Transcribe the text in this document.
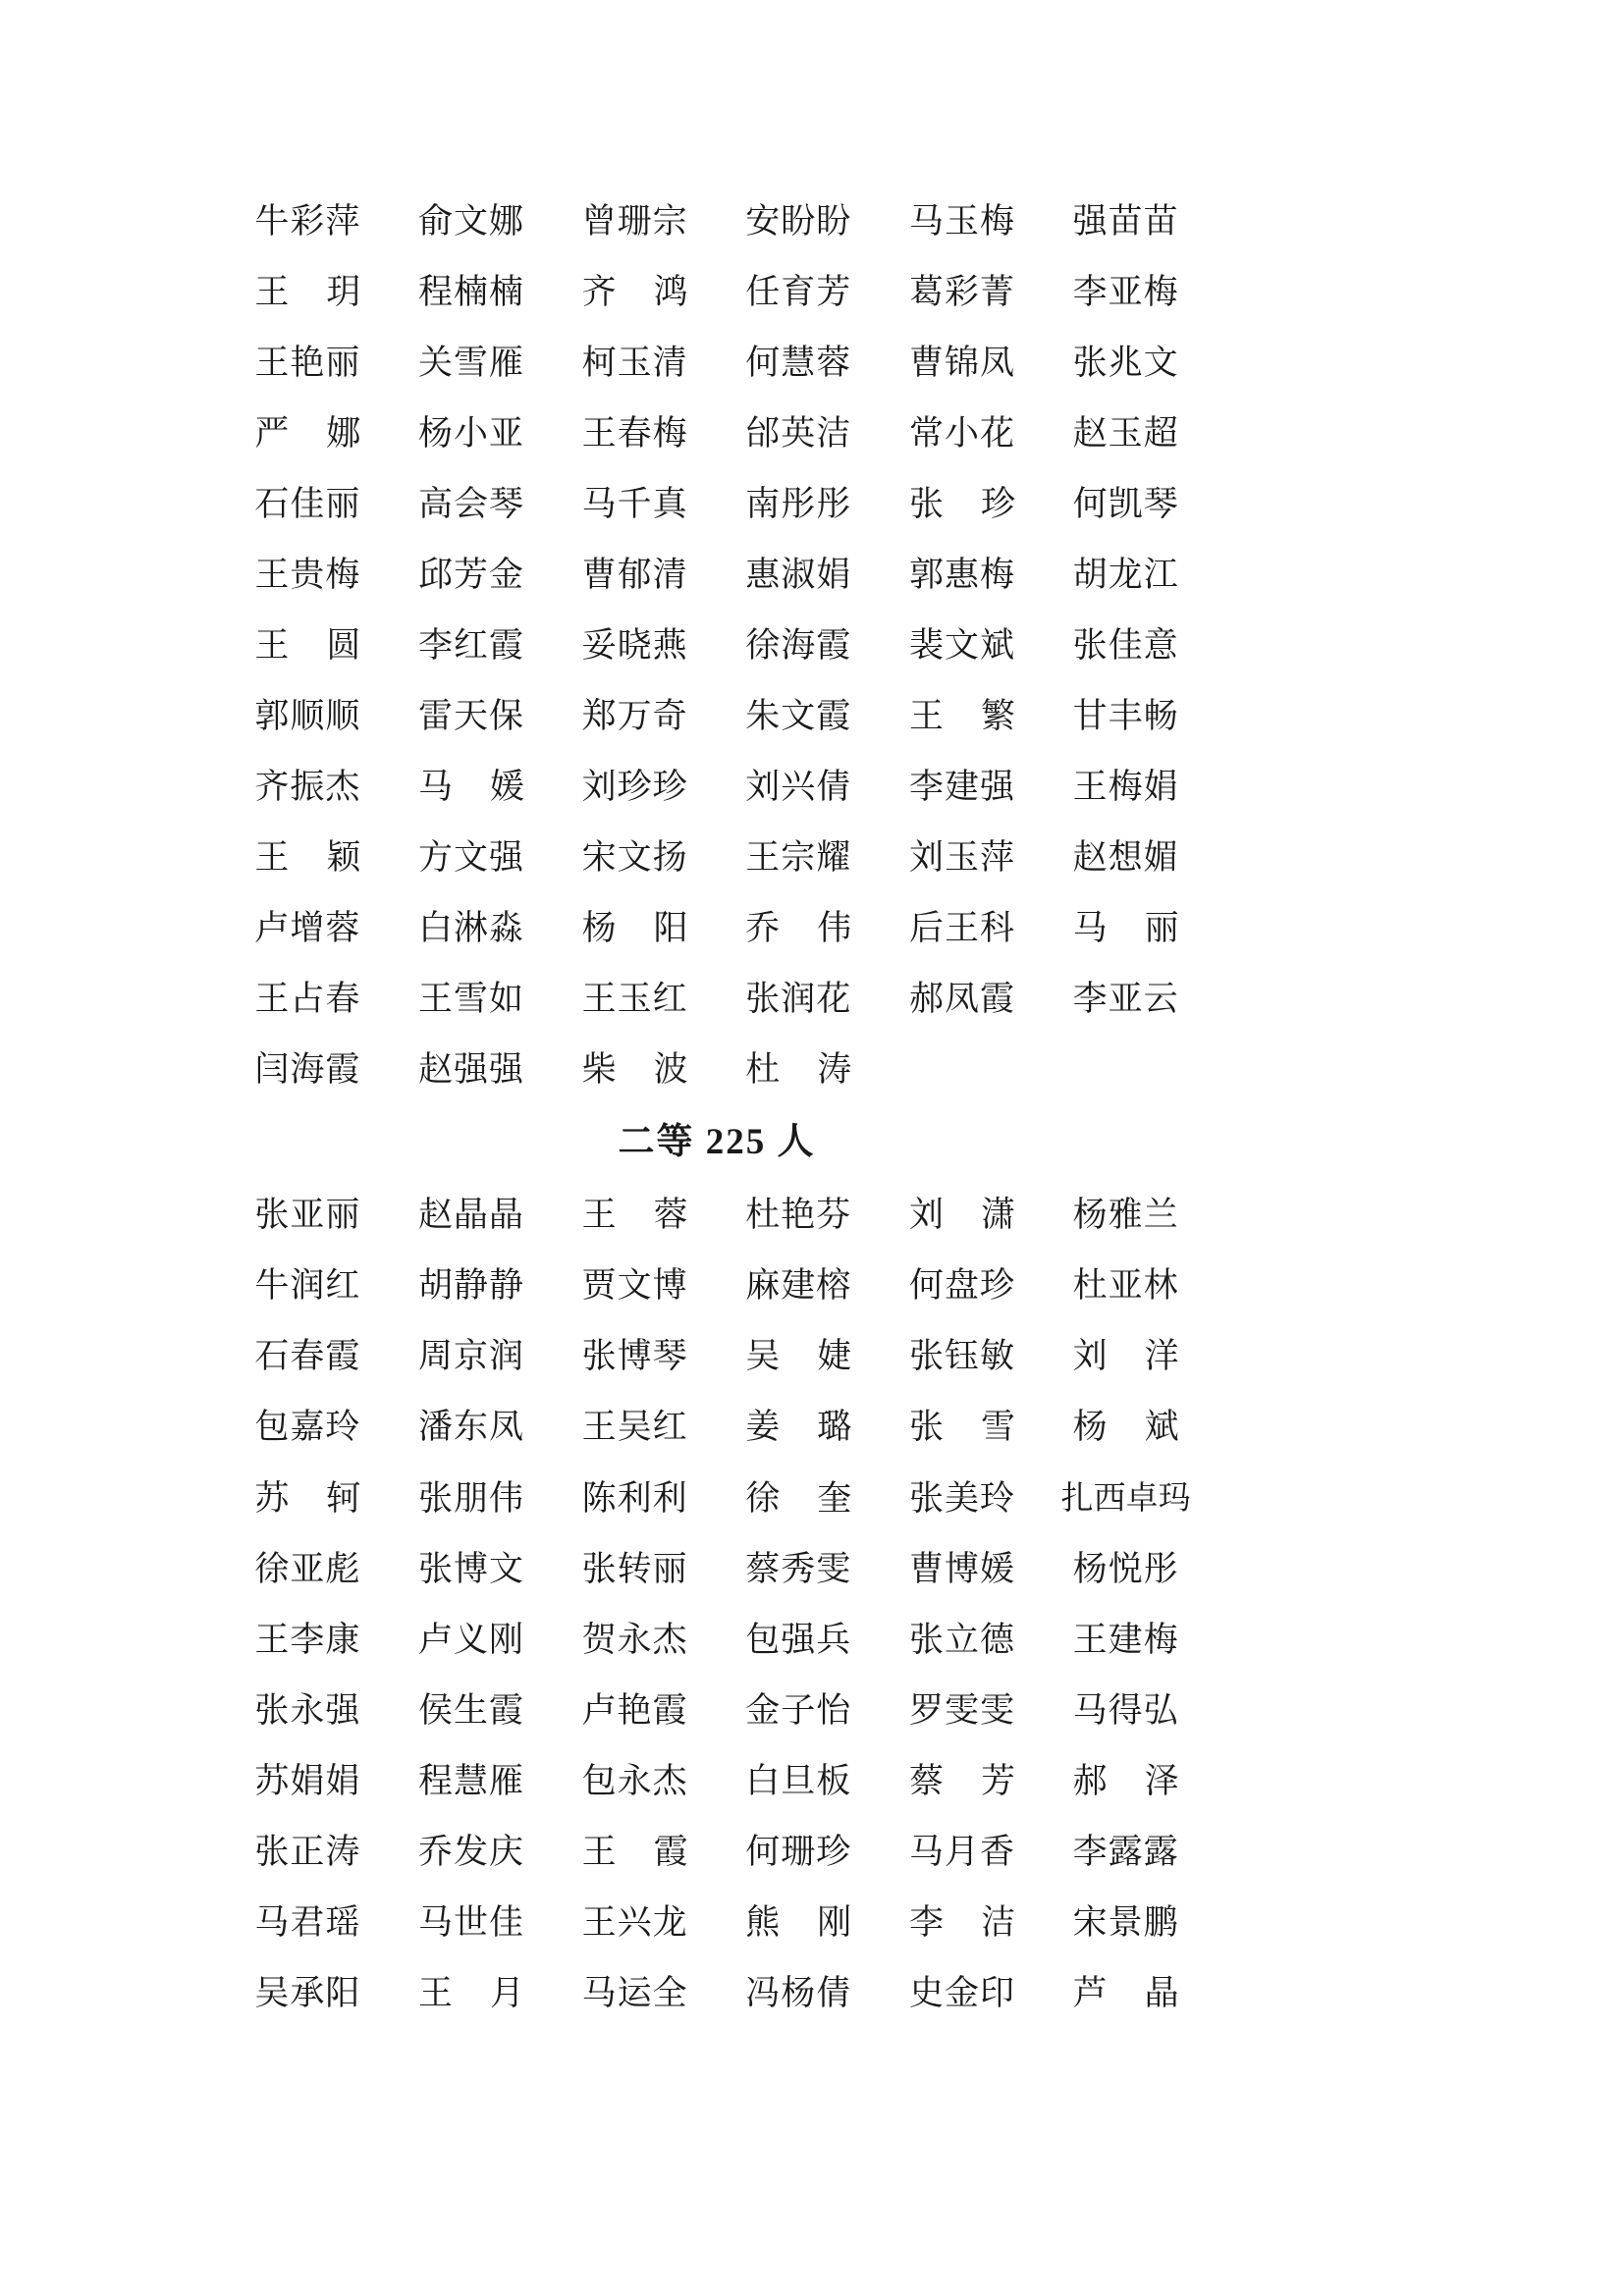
牛彩萍	俞文娜	曾珊宗	安盼盼	马玉梅	强苗苗
王玥	程楠楠	齐鸿	任育芳	葛彩菁	李亚梅
王艳丽	关雪雁	柯玉清	何慧蓉	曹锦凤	张兆文
严娜	杨小亚	王春梅	邰英洁	常小花	赵玉超
石佳丽	高会琴	马千真	南彤彤	张珍	何凯琴
王贵梅	邱芳金	曹郁清	惠淑娟	郭惠梅	胡龙江
王圆	李红霞	妥晓燕	徐海霞	裴文斌	张佳意
郭顺顺	雷天保	郑万奇	朱文霞	王繁	甘丰畅
齐振杰	马媛	刘珍珍	刘兴倩	李建强	王梅娟
王颖	方文强	宋文扬	王宗耀	刘玉萍	赵想媚
卢增蓉	白淋淼	杨阳	乔伟	后王科	马丽
王占春	王雪如	王玉红	张润花	郝凤霞	李亚云
闫海霞	赵强强	柴波	杜涛		
二等 225 人
张亚丽	赵晶晶	王蓉	杜艳芬	刘潇	杨雅兰
牛润红	胡静静	贾文博	麻建榕	何盘珍	杜亚林
石春霞	周京润	张博琴	吴婕	张钰敏	刘洋
包嘉玲	潘东凤	王吴红	姜璐	张雪	杨斌
苏轲	张朋伟	陈利利	徐奎	张美玲	扎西卓玛
徐亚彪	张博文	张转丽	蔡秀雯	曹博媛	杨悦彤
王李康	卢义刚	贺永杰	包强兵	张立德	王建梅
张永强	侯生霞	卢艳霞	金子怡	罗雯雯	马得弘
苏娟娟	程慧雁	包永杰	白旦板	蔡芳	郝泽
张正涛	乔发庆	王霞	何珊珍	马月香	李露露
马君瑶	马世佳	王兴龙	熊刚	李洁	宋景鹏
吴承阳	王月	马运全	冯杨倩	史金印	芦晶
